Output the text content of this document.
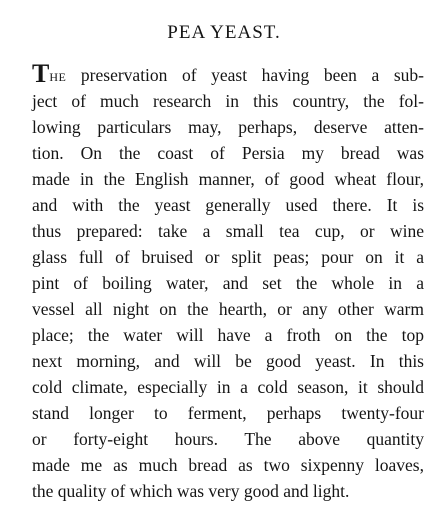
PEA YEAST.
THE preservation of yeast having been a sub-
ject of much research in this country, the fol-
lowing particulars may, perhaps, deserve atten-
tion. On the coast of Persia my bread was
made in the English manner, of good wheat flour,
and with the yeast generally used there. It is
thus prepared: take a small tea cup, or wine
glass full of bruised or split peas; pour on it a
pint of boiling water, and set the whole in a
vessel all night on the hearth, or any other warm
place; the water will have a froth on the top
next morning, and will be good yeast. In this
cold climate, especially in a cold season, it should
stand longer to ferment, perhaps twenty-four
or forty-eight hours. The above quantity
made me as much bread as two sixpenny loaves,
the quality of which was very good and light.
